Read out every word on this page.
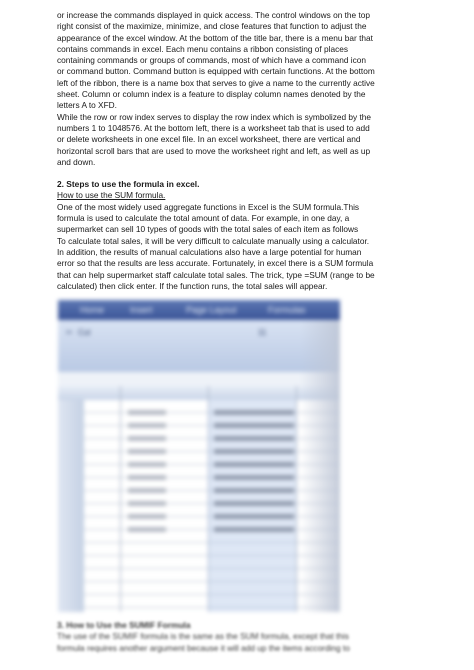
or increase the commands displayed in quick access. The control windows on the top
right consist of the maximize, minimize, and close features that function to adjust the
appearance of the excel window. At the bottom of the title bar, there is a menu bar that
contains commands in excel. Each menu contains a ribbon consisting of places
containing commands or groups of commands, most of which have a command icon
or command button. Command button is equipped with certain functions. At the bottom
left of the ribbon, there is a name box that serves to give a name to the currently active
sheet. Column or column index is a feature to display column names denoted by the
letters A to XFD.

While the row or row index serves to display the row index which is symbolized by the
numbers 1 to 1048576. At the bottom left, there is a worksheet tab that is used to add
or delete worksheets in one excel file. In an excel worksheet, there are vertical and
horizontal scroll bars that are used to move the worksheet right and left, as well as up
and down.

2. Steps to use the formula in excel.
How to use the SUM formula.

One of the most widely used aggregate functions in Excel is the SUM formula.This
formula is used to calculate the total amount of data. For example, in one day, a
supermarket can sell 10 types of goods with the total sales of each item as follows
To calculate total sales, it will be very difficult to calculate manually using a calculator.
In addition, the results of manual calculations also have a large potential for human
error so that the results are less accurate. Fortunately, in excel there is a SUM formula
that can help supermarket staff calculate total sales. The trick, type =SUM (range to be
calculated) then click enter. If the function runs, the total sales will appear.

Home	Insert	Page Layout	Formulas
✂ Cut	11
3. How to Use the SUMIF Formula

The use of the SUMIF formula is the same as the SUM formula, except that this
formula requires another argument because it will add up the items according to
